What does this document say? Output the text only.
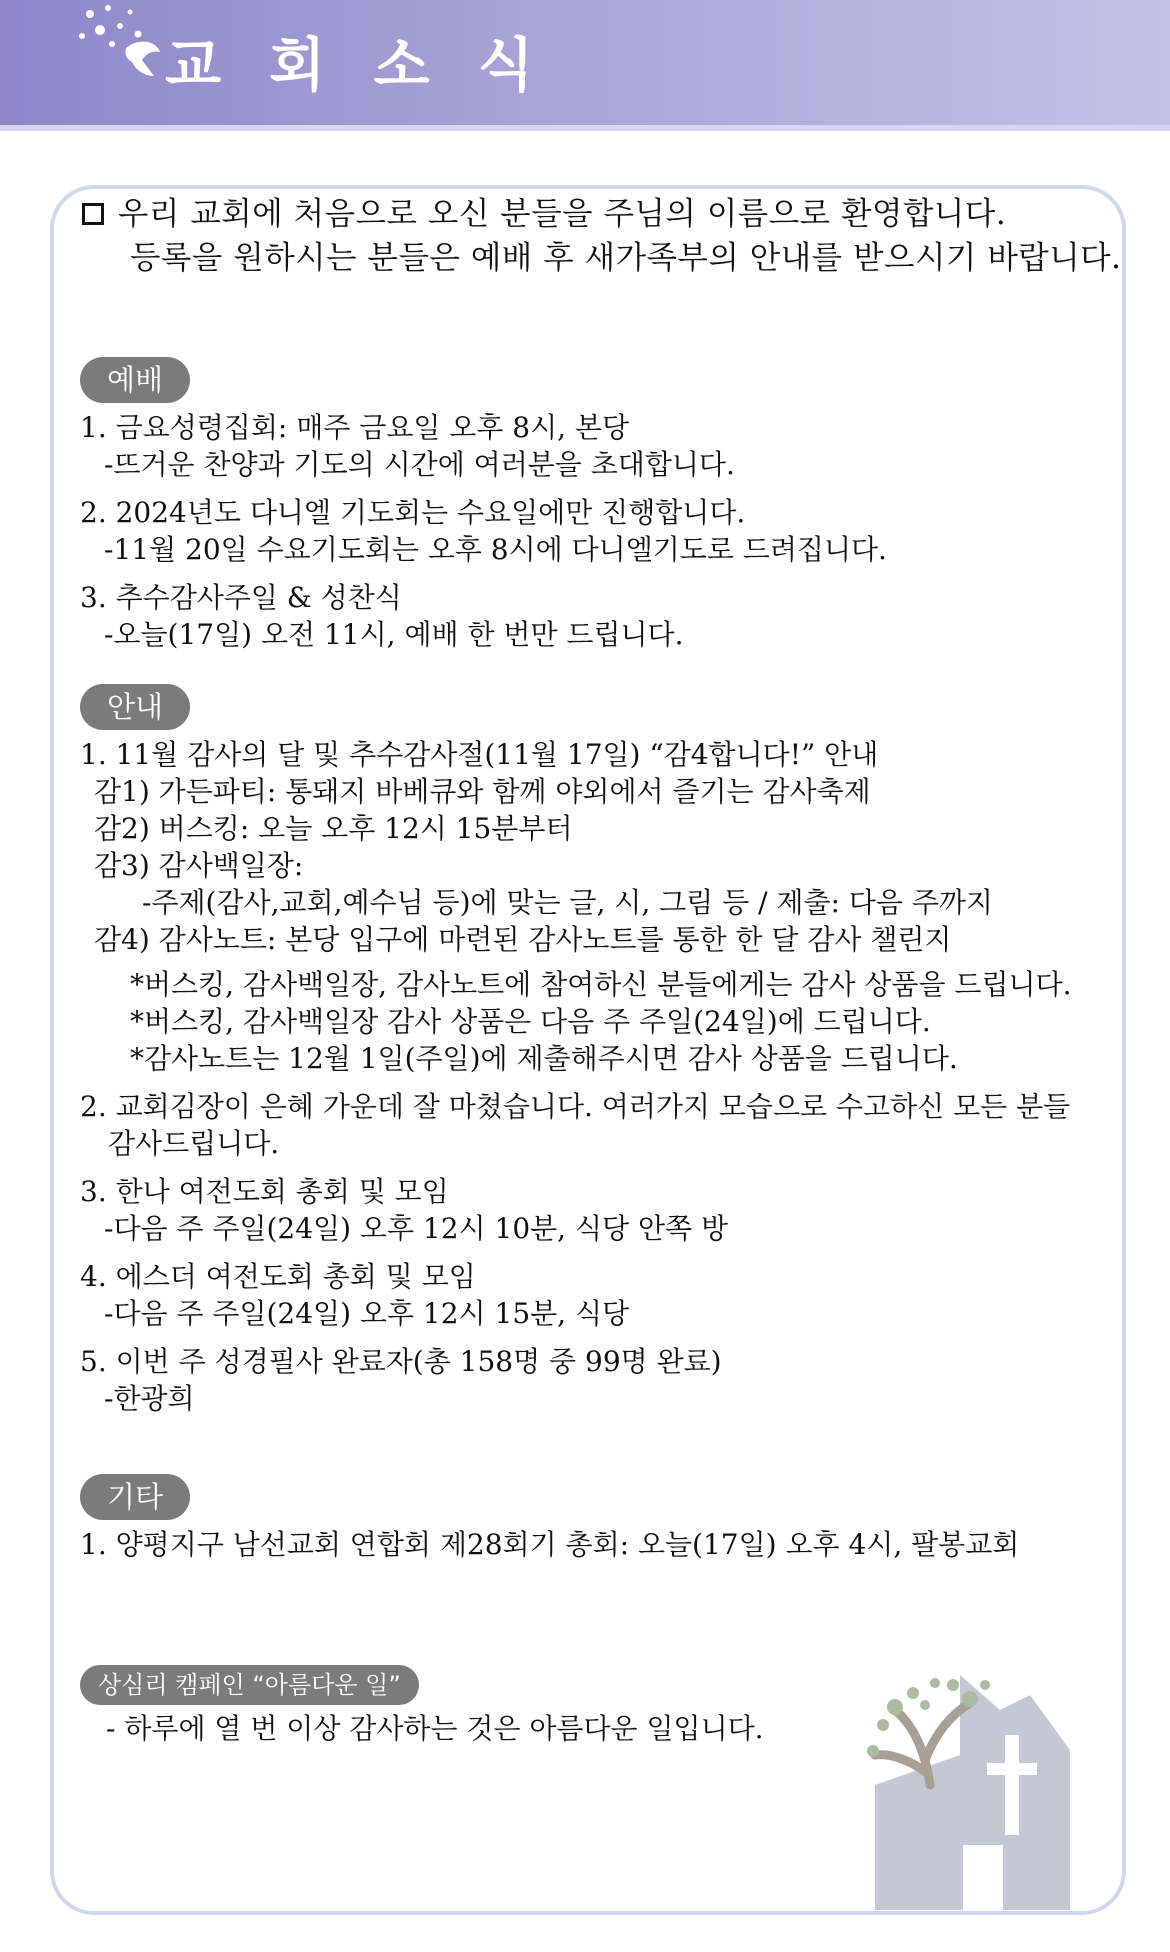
교 회 소 식
우리 교회에 처음으로 오신 분들을 주님의 이름으로 환영합니다.
등록을 원하시는 분들은 예배 후 새가족부의 안내를 받으시기 바랍니다.
예배
1. 금요성령집회: 매주 금요일 오후 8시, 본당
-뜨거운 찬양과 기도의 시간에 여러분을 초대합니다.
2. 2024년도 다니엘 기도회는 수요일에만 진행합니다.
-11월 20일 수요기도회는 오후 8시에 다니엘기도로 드려집니다.
3. 추수감사주일 & 성찬식
-오늘(17일) 오전 11시, 예배 한 번만 드립니다.
안내
1. 11월 감사의 달 및 추수감사절(11월 17일) “감4합니다!” 안내
감1) 가든파티: 통돼지 바베큐와 함께 야외에서 즐기는 감사축제
감2) 버스킹: 오늘 오후 12시 15분부터
감3) 감사백일장:
-주제(감사,교회,예수님 등)에 맞는 글, 시, 그림 등 / 제출: 다음 주까지
감4) 감사노트: 본당 입구에 마련된 감사노트를 통한 한 달 감사 챌린지
*버스킹, 감사백일장, 감사노트에 참여하신 분들에게는 감사 상품을 드립니다.
*버스킹, 감사백일장 감사 상품은 다음 주 주일(24일)에 드립니다.
*감사노트는 12월 1일(주일)에 제출해주시면 감사 상품을 드립니다.
2. 교회김장이 은혜 가운데 잘 마쳤습니다. 여러가지 모습으로 수고하신 모든 분들
감사드립니다.
3. 한나 여전도회 총회 및 모임
-다음 주 주일(24일) 오후 12시 10분, 식당 안쪽 방
4. 에스더 여전도회 총회 및 모임
-다음 주 주일(24일) 오후 12시 15분, 식당
5. 이번 주 성경필사 완료자(총 158명 중 99명 완료)
-한광희
기타
1. 양평지구 남선교회 연합회 제28회기 총회: 오늘(17일) 오후 4시, 팔봉교회
상심리 캠페인 “아름다운 일”
- 하루에 열 번 이상 감사하는 것은 아름다운 일입니다.
